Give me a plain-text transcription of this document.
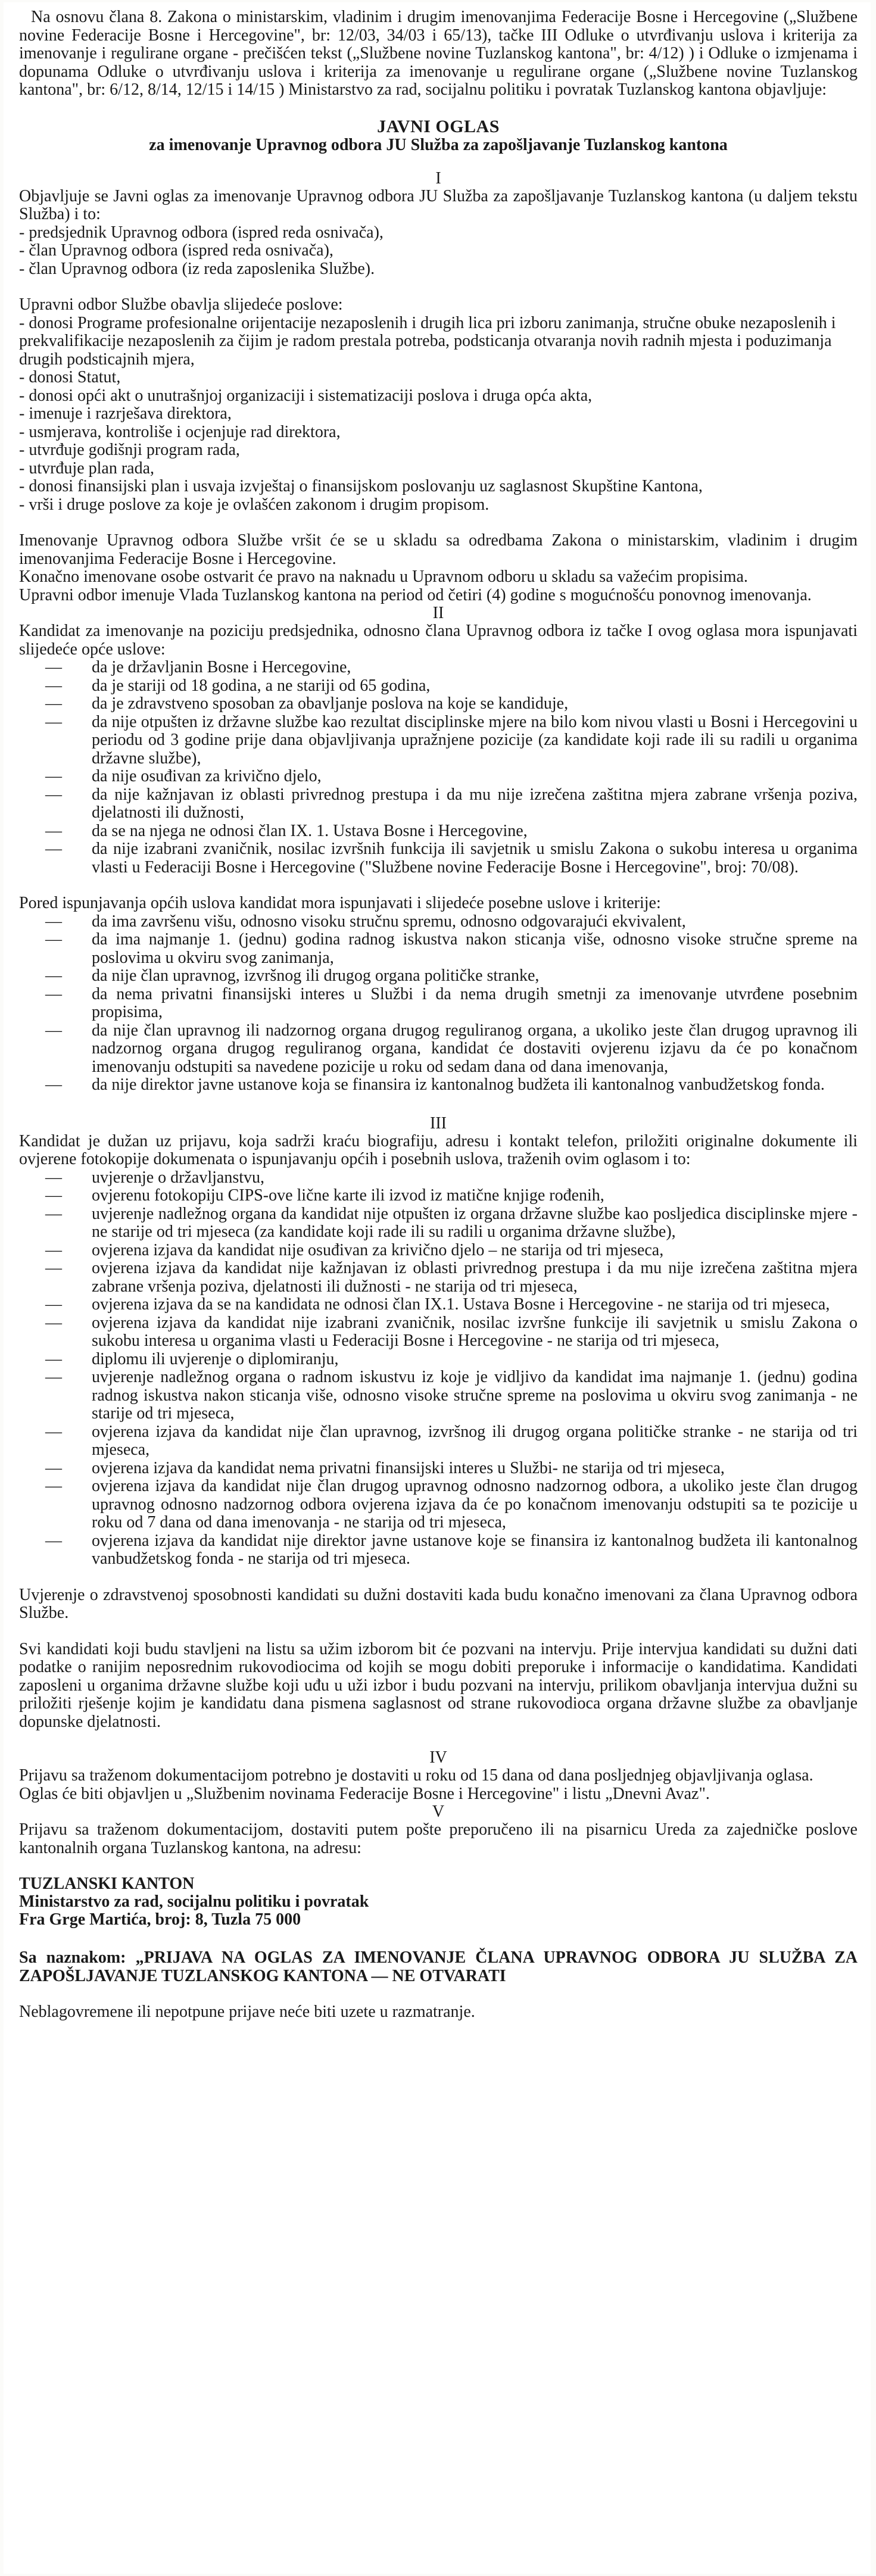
Na osnovu člana 8. Zakona o ministarskim, vladinim i drugim imenovanjima Federacije Bosne i Hercegovine („Službene novine Federacije Bosne i Hercegovine", br: 12/03, 34/03 i 65/13), tačke III Odluke o utvrđivanju uslova i kriterija za imenovanje i regulirane organe - prečišćen tekst („Službene novine Tuzlanskog kantona", br: 4/12) ) i Odluke o izmjenama i dopunama Odluke o utvrđivanju uslova i kriterija za imenovanje u regulirane organe („Službene novine Tuzlanskog kantona", br: 6/12, 8/14, 12/15 i 14/15 ) Ministarstvo za rad, socijalnu politiku i povratak Tuzlanskog kantona objavljuje:

JAVNI OGLAS

za imenovanje Upravnog odbora JU Služba za zapošljavanje Tuzlanskog kantona

I

Objavljuje se Javni oglas za imenovanje Upravnog odbora JU Služba za zapošljavanje Tuzlanskog kantona (u daljem tekstu Služba) i to:

- predsjednik Upravnog odbora (ispred reda osnivača),
- član Upravnog odbora (ispred reda osnivača),
- član Upravnog odbora (iz reda zaposlenika Službe).

Upravni odbor Službe obavlja slijedeće poslove:

- donosi Programe profesionalne orijentacije nezaposlenih i drugih lica pri izboru zanimanja, stručne obuke nezaposlenih i prekvalifikacije nezaposlenih za čijim je radom prestala potreba, podsticanja otvaranja novih radnih mjesta i poduzimanja drugih podsticajnih mjera,
- donosi Statut,
- donosi opći akt o unutrašnjoj organizaciji i sistematizaciji poslova i druga opća akta,
- imenuje i razrješava direktora,
- usmjerava, kontroliše i ocjenjuje rad direktora,
- utvrđuje godišnji program rada,
- utvrđuje plan rada,
- donosi finansijski plan i usvaja izvještaj o finansijskom poslovanju uz saglasnost Skupštine Kantona,
- vrši i druge poslove za koje je ovlašćen zakonom i drugim propisom.

Imenovanje Upravnog odbora Službe vršit će se u skladu sa odredbama Zakona o ministarskim, vladinim i drugim imenovanjima Federacije Bosne i Hercegovine.

Konačno imenovane osobe ostvarit će pravo na naknadu u Upravnom odboru u skladu sa važećim propisima.

Upravni odbor imenuje Vlada Tuzlanskog kantona na period od četiri (4) godine s mogućnošću ponovnog imenovanja.

II

Kandidat za imenovanje na poziciju predsjednika, odnosno člana Upravnog odbora iz tačke I ovog oglasa mora ispunjavati slijedeće opće uslove:

—	da je državljanin Bosne i Hercegovine,
—	da je stariji od 18 godina, a ne stariji od 65 godina,
—	da je zdravstveno sposoban za obavljanje poslova na koje se kandiduje,
—	da nije otpušten iz državne službe kao rezultat disciplinske mjere na bilo kom nivou vlasti u Bosni i Hercegovini u periodu od 3 godine prije dana objavljivanja upražnjene pozicije (za kandidate koji rade ili su radili u organima državne službe),
—	da nije osuđivan za krivično djelo,
—	da nije kažnjavan iz oblasti privrednog prestupa i da mu nije izrečena zaštitna mjera zabrane vršenja poziva, djelatnosti ili dužnosti,
—	da se na njega ne odnosi član IX. 1. Ustava Bosne i Hercegovine,
—	da nije izabrani zvaničnik, nosilac izvršnih funkcija ili savjetnik u smislu Zakona o sukobu interesa u organima vlasti u Federaciji Bosne i Hercegovine ("Službene novine Federacije Bosne i Hercegovine", broj: 70/08).

Pored ispunjavanja općih uslova kandidat mora ispunjavati i slijedeće posebne uslove i kriterije:

—	da ima završenu višu, odnosno visoku stručnu spremu, odnosno odgovarajući ekvivalent,
—	da ima najmanje 1. (jednu) godina radnog iskustva nakon sticanja više, odnosno visoke stručne spreme na poslovima u okviru svog zanimanja,
—	da nije član upravnog, izvršnog ili drugog organa političke stranke,
—	da nema privatni finansijski interes u Službi i da nema drugih smetnji za imenovanje utvrđene posebnim propisima,
—	da nije član upravnog ili nadzornog organa drugog reguliranog organa, a ukoliko jeste član drugog upravnog ili nadzornog organa drugog reguliranog organa, kandidat će dostaviti ovjerenu izjavu da će po konačnom imenovanju odstupiti sa navedene pozicije u roku od sedam dana od dana imenovanja,
—	da nije direktor javne ustanove koja se finansira iz kantonalnog budžeta ili kantonalnog vanbudžetskog fonda.

III

Kandidat je dužan uz prijavu, koja sadrži kraću biografiju, adresu i kontakt telefon, priložiti originalne dokumente ili ovjerene fotokopije dokumenata o ispunjavanju općih i posebnih uslova, traženih ovim oglasom i to:

—	uvjerenje o državljanstvu,
—	ovjerenu fotokopiju CIPS-ove lične karte ili izvod iz matične knjige rođenih,
—	uvjerenje nadležnog organa da kandidat nije otpušten iz organa državne službe kao posljedica disciplinske mjere - ne starije od tri mjeseca (za kandidate koji rade ili su radili u organima državne službe),
—	ovjerena izjava da kandidat nije osuđivan za krivično djelo – ne starija od tri mjeseca,
—	ovjerena izjava da kandidat nije kažnjavan iz oblasti privrednog prestupa i da mu nije izrečena zaštitna mjera zabrane vršenja poziva, djelatnosti ili dužnosti - ne starija od tri mjeseca,
—	ovjerena izjava da se na kandidata ne odnosi član IX.1. Ustava Bosne i Hercegovine - ne starija od tri mjeseca,
—	ovjerena izjava da kandidat nije izabrani zvaničnik, nosilac izvršne funkcije ili savjetnik u smislu Zakona o sukobu interesa u organima vlasti u Federaciji Bosne i Hercegovine - ne starija od tri mjeseca,
—	diplomu ili uvjerenje o diplomiranju,
—	uvjerenje nadležnog organa o radnom iskustvu iz koje je vidljivo da kandidat ima najmanje 1. (jednu) godina radnog iskustva nakon sticanja više, odnosno visoke stručne spreme na poslovima u okviru svog zanimanja - ne starije od tri mjeseca,
—	ovjerena izjava da kandidat nije član upravnog, izvršnog ili drugog organa političke stranke - ne starija od tri mjeseca,
—	ovjerena izjava da kandidat nema privatni finansijski interes u Službi- ne starija od tri mjeseca,
—	ovjerena izjava da kandidat nije član drugog upravnog odnosno nadzornog odbora, a ukoliko jeste član drugog upravnog odnosno nadzornog odbora ovjerena izjava da će po konačnom imenovanju odstupiti sa te pozicije u roku od 7 dana od dana imenovanja - ne starija od tri mjeseca,
—	ovjerena izjava da kandidat nije direktor javne ustanove koje se finansira iz kantonalnog budžeta ili kantonalnog vanbudžetskog fonda - ne starija od tri mjeseca.

Uvjerenje o zdravstvenoj sposobnosti kandidati su dužni dostaviti kada budu konačno imenovani za člana Upravnog odbora Službe.

Svi kandidati koji budu stavljeni na listu sa užim izborom bit će pozvani na intervju. Prije intervjua kandidati su dužni dati podatke o ranijim neposrednim rukovodiocima od kojih se mogu dobiti preporuke i informacije o kandidatima. Kandidati zaposleni u organima državne službe koji uđu u uži izbor i budu pozvani na intervju, prilikom obavljanja intervjua dužni su priložiti rješenje kojim je kandidatu dana pismena saglasnost od strane rukovodioca organa državne službe za obavljanje dopunske djelatnosti.

IV

Prijavu sa traženom dokumentacijom potrebno je dostaviti u roku od 15 dana od dana posljednjeg objavljivanja oglasa.

Oglas će biti objavljen u „Službenim novinama Federacije Bosne i Hercegovine" i listu „Dnevni Avaz".

V

Prijavu sa traženom dokumentacijom, dostaviti putem pošte preporučeno ili na pisarnicu Ureda za zajedničke poslove kantonalnih organa Tuzlanskog kantona, na adresu:

TUZLANSKI KANTON

Ministarstvo za rad, socijalnu politiku i povratak

Fra Grge Martića, broj: 8, Tuzla 75 000

Sa naznakom: „PRIJAVA NA OGLAS ZA IMENOVANJE ČLANA UPRAVNOG ODBORA JU SLUŽBA ZA ZAPOŠLJAVANJE TUZLANSKOG KANTONA — NE OTVARATI

Neblagovremene ili nepotpune prijave neće biti uzete u razmatranje.
